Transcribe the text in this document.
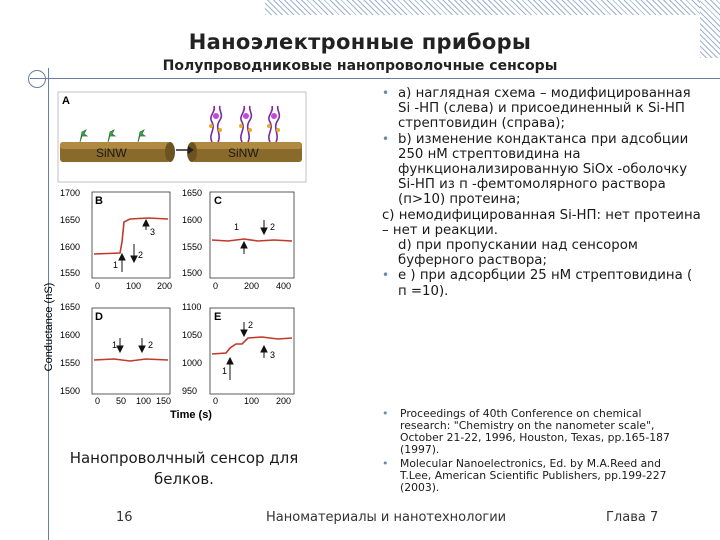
Наноэлектронные приборы
Полупроводниковые нанопроволочные сенсоры
A
SiNW	SiNW
Conductance (nS)
B
1700
1650
1600
1550
0	100 200
1
2
3
C
1650
1600
1550
1500
0	200 400
1	2
D
1650
1600
1550
1500
0 50 100 150
1	2
E
1100
1050
1000
950
0	100 200
1
2
3
Time (s)
• a) наглядная схема – модифицированная Si -НП (слева) и присоединенный к Si-НП стрептовидин (справа);
• b) изменение кондактанса при адсобции 250 нМ стрептовидина на функционализированную SiOx -оболочку Si-НП из п -фемтомолярного раствора (п>10) протеина;
c) немодифицированная Si-НП: нет протеина – нет и реакции.
d) при пропускании над сенсором буферного раствора;
• e ) при адсорбции 25 нМ стрептовидина ( п =10).
Нанопроволчный сенсор для белков.
• Proceedings of 40th Conference on chemical research: "Chemistry on the nanometer scale", October 21-22, 1996, Houston, Texas, pp.165-187 (1997).
• Molecular Nanoelectronics, Ed. by M.A.Reed and T.Lee, American Scientific Publishers, pp.199-227 (2003).
16	Наноматериалы и нанотехнологии	Глава 7
